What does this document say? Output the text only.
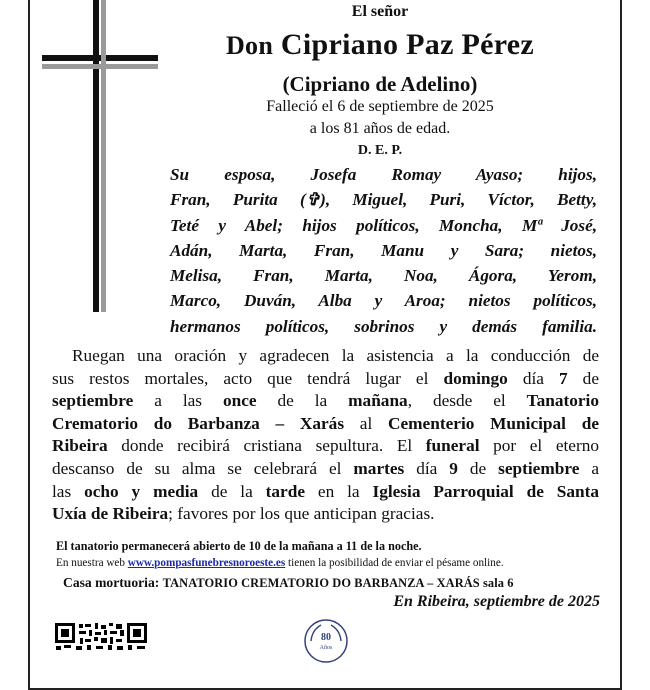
El señor
Don Cipriano Paz Pérez
(Cipriano de Adelino)
Falleció el 6 de septiembre de 2025
a los 81 años de edad.
D. E. P.
Su esposa, Josefa Romay Ayaso; hijos,
Fran, Purita (✞), Miguel, Puri, Víctor, Betty,
Teté y Abel; hijos políticos, Moncha, Mª José,
Adán, Marta, Fran, Manu y Sara; nietos,
Melisa, Fran, Marta, Noa, Ágora, Yerom,
Marco, Duván, Alba y Aroa; nietos políticos,
hermanos políticos, sobrinos y demás familia.
Ruegan una oración y agradecen la asistencia a la conducción de
sus restos mortales, acto que tendrá lugar el domingo día 7 de
septiembre a las once de la mañana, desde el Tanatorio
Crematorio do Barbanza – Xarás al Cementerio Municipal de
Ribeira donde recibirá cristiana sepultura. El funeral por el eterno
descanso de su alma se celebrará el martes día 9 de septiembre a
las ocho y media de la tarde en la Iglesia Parroquial de Santa
Uxía de Ribeira; favores por los que anticipan gracias.
El tanatorio permanecerá abierto de 10 de la mañana a 11 de la noche.
En nuestra web www.pompasfunebresnoroeste.es tienen la posibilidad de enviar el pésame online.
Casa mortuoria: TANATORIO CREMATORIO DO BARBANZA – XARÁS sala 6
En Ribeira, septiembre de 2025
80
Años
